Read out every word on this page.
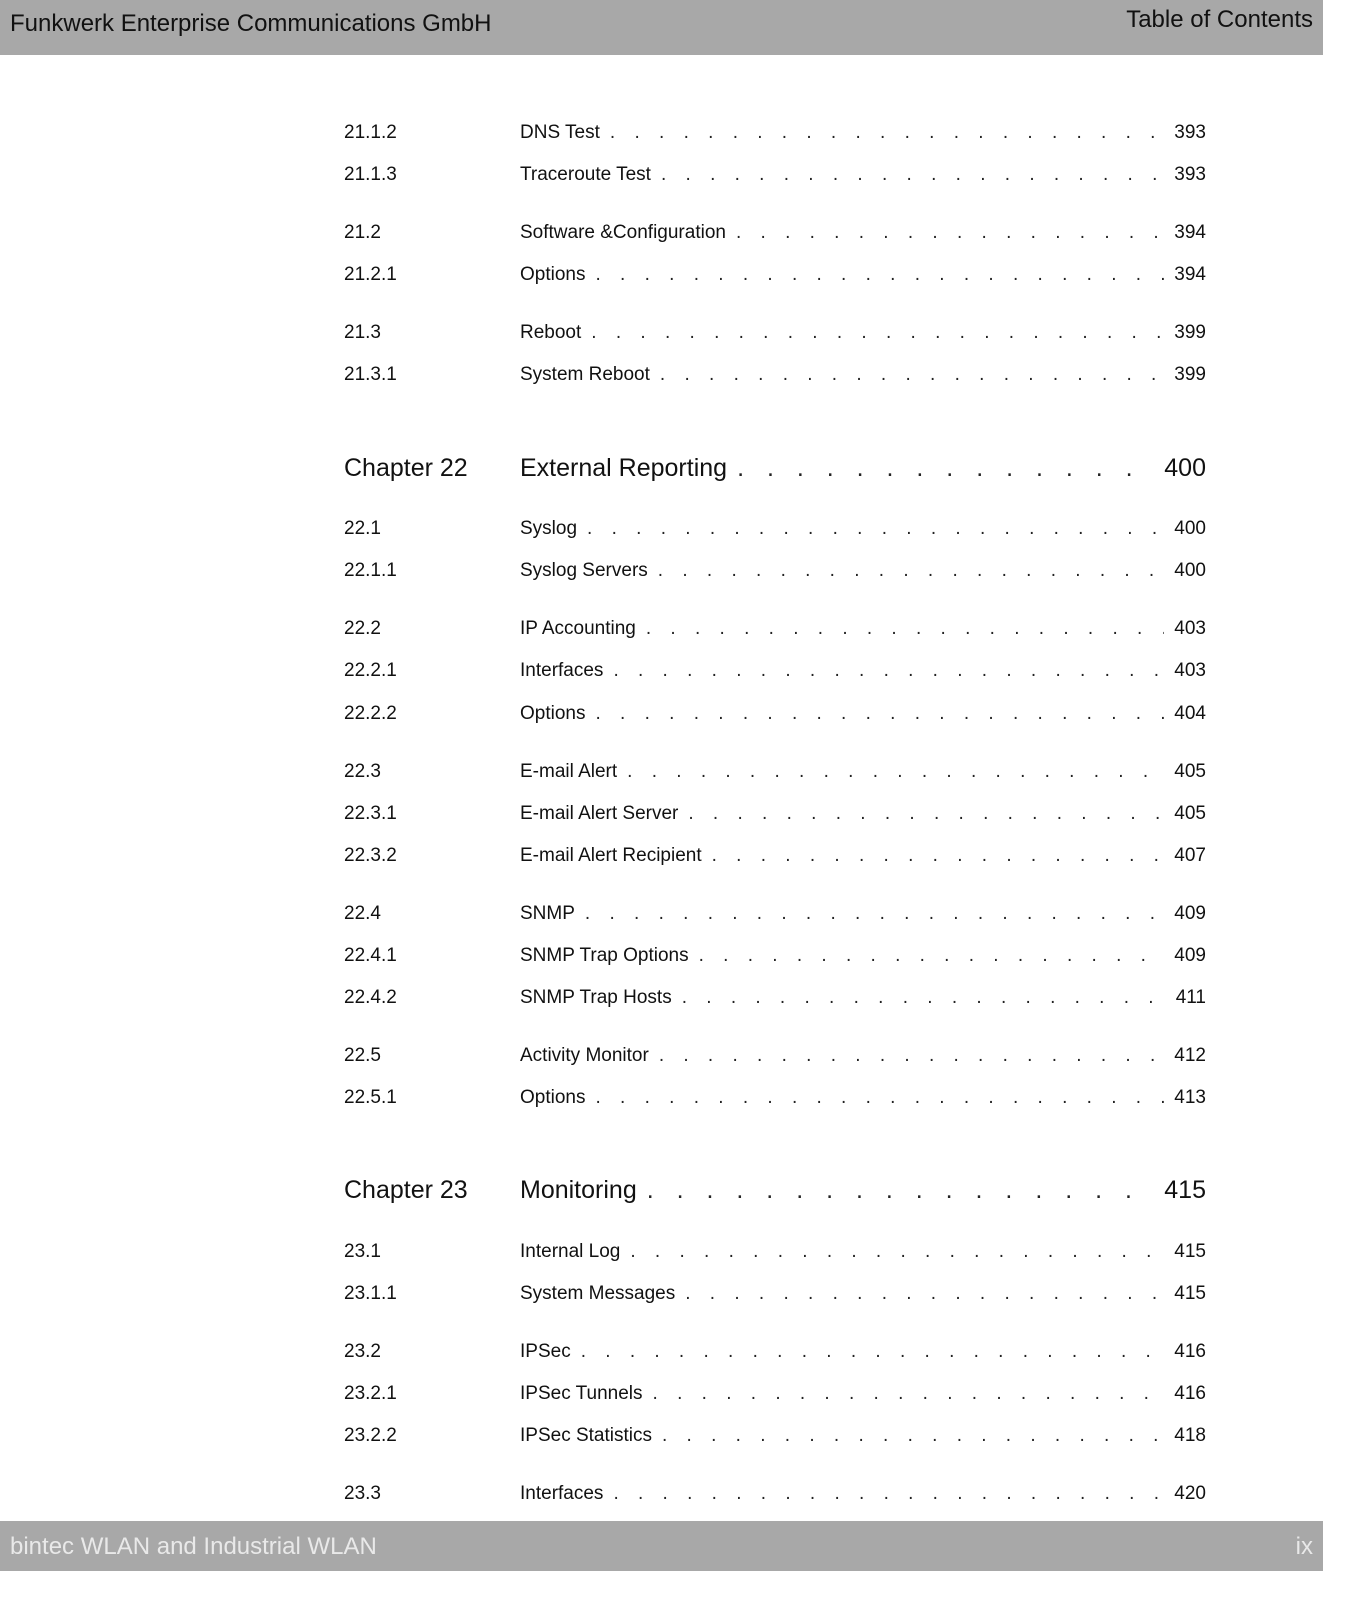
Funkwerk Enterprise Communications GmbH	Table of Contents
21.1.2	DNS Test . . .	393
21.1.3	Traceroute Test . . .	393
21.2	Software &Configuration . . .	394
21.2.1	Options . . .	394
21.3	Reboot . . .	399
21.3.1	System Reboot . . .	399
Chapter 22	External Reporting . . .	400
22.1	Syslog . . .	400
22.1.1	Syslog Servers . . .	400
22.2	IP Accounting . . .	403
22.2.1	Interfaces . . .	403
22.2.2	Options . . .	404
22.3	E-mail Alert . . .	405
22.3.1	E-mail Alert Server . . .	405
22.3.2	E-mail Alert Recipient . . .	407
22.4	SNMP . . .	409
22.4.1	SNMP Trap Options . . .	409
22.4.2	SNMP Trap Hosts . . .	411
22.5	Activity Monitor . . .	412
22.5.1	Options . . .	413
Chapter 23	Monitoring . . .	415
23.1	Internal Log . . .	415
23.1.1	System Messages . . .	415
23.2	IPSec . . .	416
23.2.1	IPSec Tunnels . . .	416
23.2.2	IPSec Statistics . . .	418
23.3	Interfaces . . .	420
bintec WLAN and Industrial WLAN	ix
